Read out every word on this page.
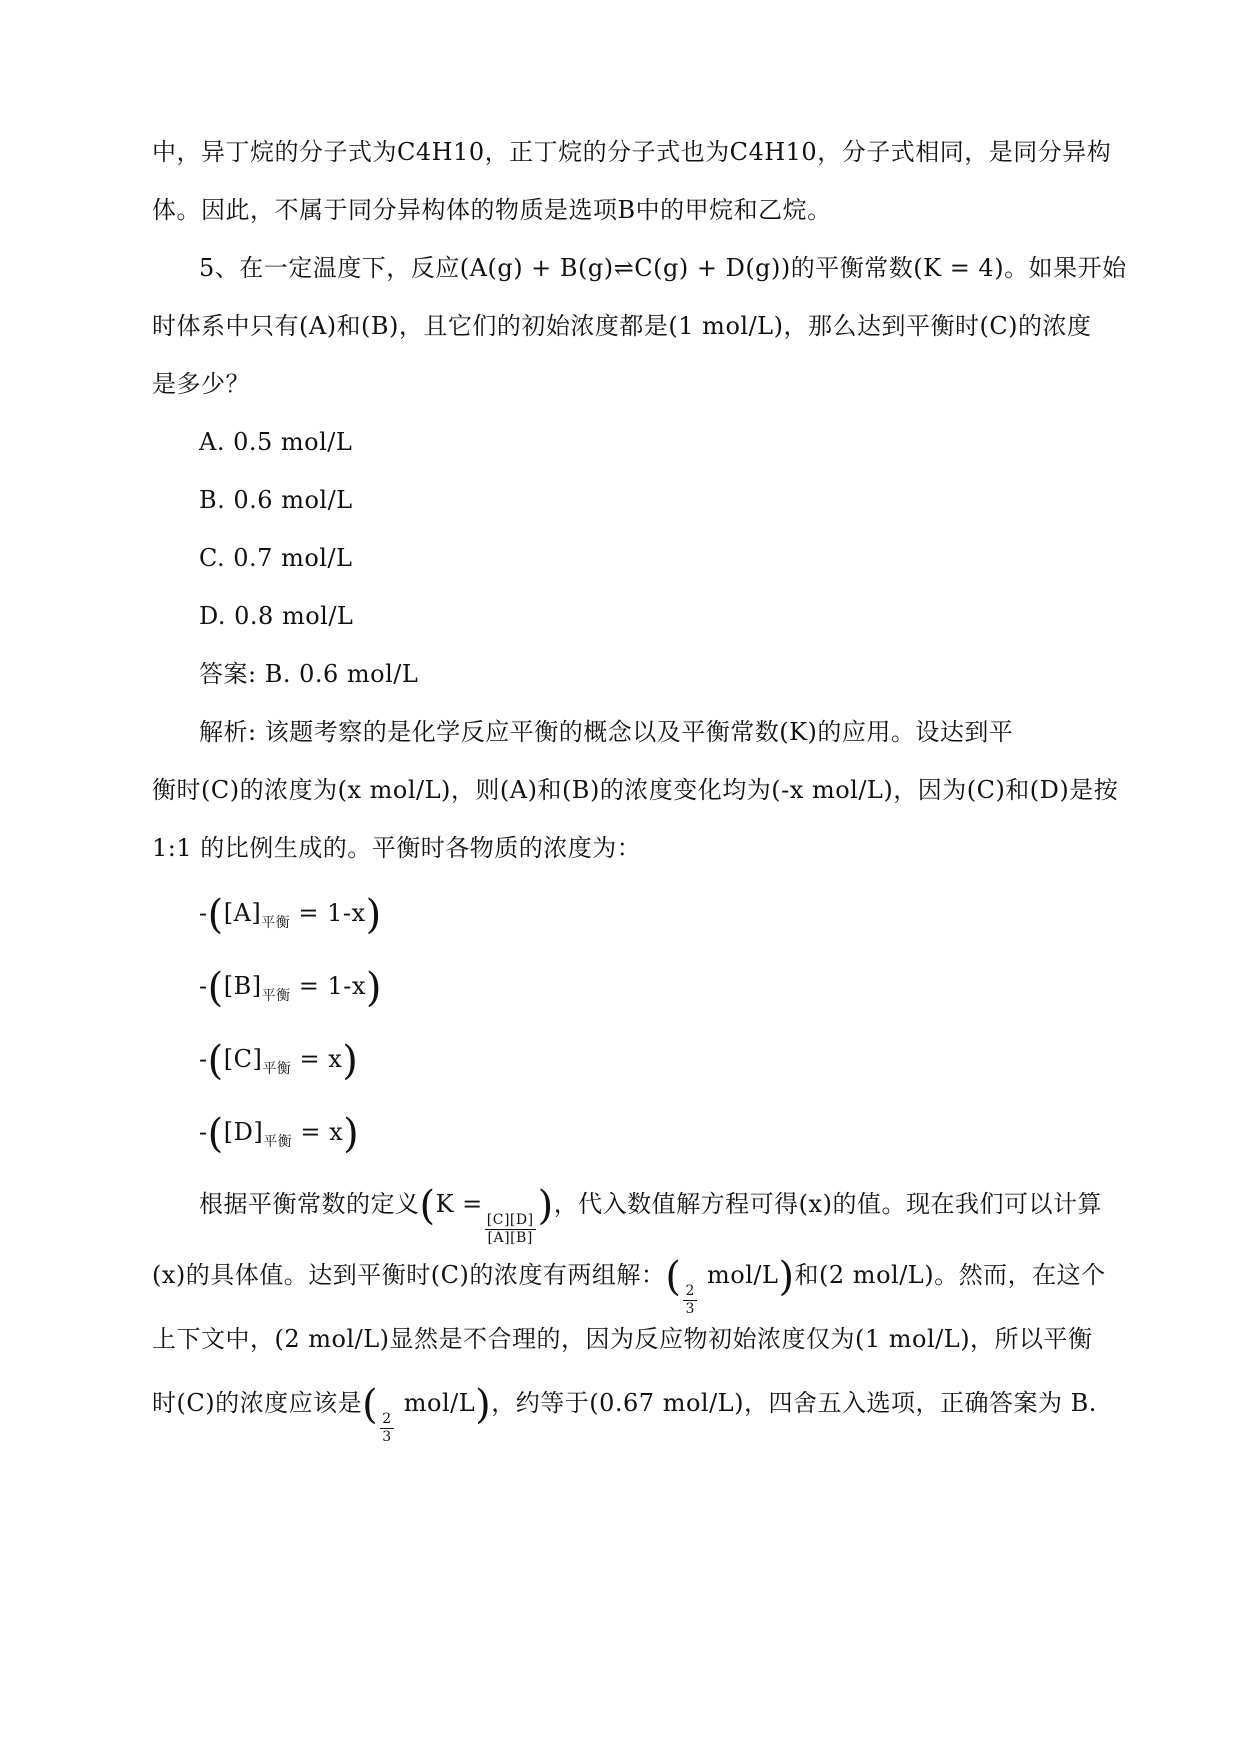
中，异丁烷的分子式为C4H10，正丁烷的分子式也为C4H10，分子式相同，是同分异构
体。因此，不属于同分异构体的物质是选项B中的甲烷和乙烷。
5、在一定温度下，反应(A(g) + B(g)⇌C(g) + D(g))的平衡常数(K = 4)。如果开始
时体系中只有(A)和(B)，且它们的初始浓度都是(1 mol/L)，那么达到平衡时(C)的浓度
是多少？
A. 0.5 mol/L
B. 0.6 mol/L
C. 0.7 mol/L
D. 0.8 mol/L
答案: B. 0.6 mol/L
解析: 该题考察的是化学反应平衡的概念以及平衡常数(K)的应用。设达到平
衡时(C)的浓度为(x mol/L)，则(A)和(B)的浓度变化均为(-x mol/L)，因为(C)和(D)是按
1:1 的比例生成的。平衡时各物质的浓度为：
$-([A]_{平衡} = 1-x)$
$-([B]_{平衡} = 1-x)$
$-([C]_{平衡} = x)$
$-([D]_{平衡} = x)$
根据平衡常数的定义(K =
$\frac{[C][D]}{[A][B]}$
)，代入数值解方程可得(x)的值。现在我们可以计算
(x)的具体值。达到平衡时(C)的浓度有两组解：(
$\frac{2}{3}$
mol/L)和(2 mol/L)。然而，在这个
上下文中，(2 mol/L)显然是不合理的，因为反应物初始浓度仅为(1 mol/L)，所以平衡
时(C)的浓度应该是(
$\frac{2}{3}$
mol/L)，约等于(0.67 mol/L)，四舍五入选项，正确答案为 B.
